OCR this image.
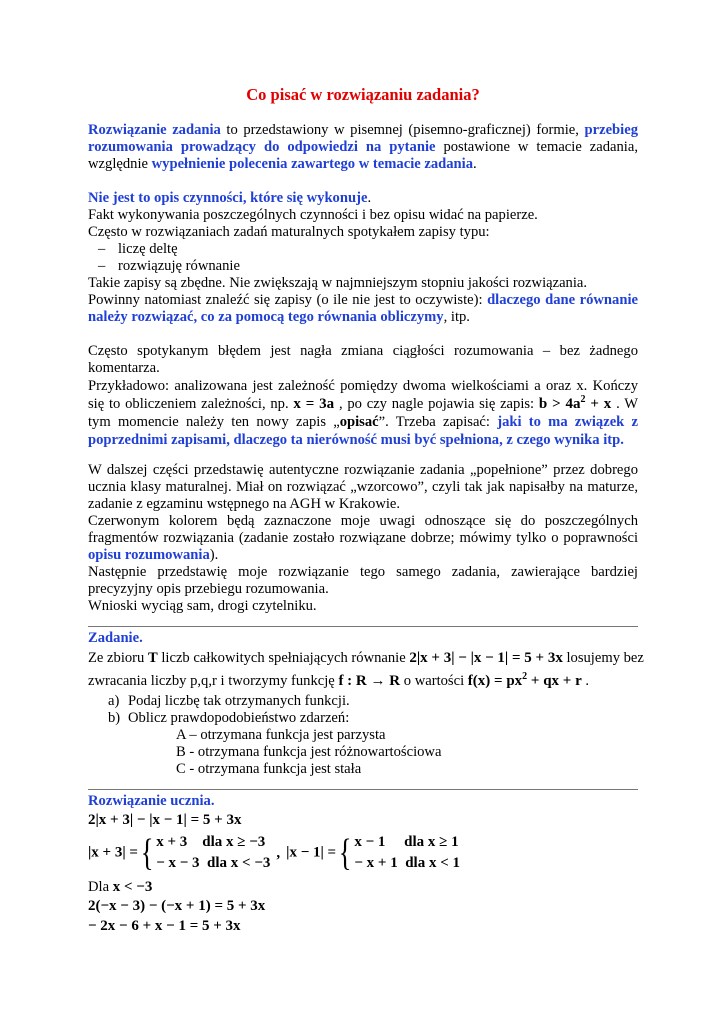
Co pisać w rozwiązaniu zadania?
Rozwiązanie zadania to przedstawiony w pisemnej (pisemno-graficznej) formie, przebieg rozumowania prowadzący do odpowiedzi na pytanie postawione w temacie zadania, względnie wypełnienie polecenia zawartego w temacie zadania.

Nie jest to opis czynności, które się wykonuje.

Fakt wykonywania poszczególnych czynności i bez opisu widać na papierze.

Często w rozwiązaniach zadań maturalnych spotykałem zapisy typu:

– liczę deltę

– rozwiązuję równanie

Takie zapisy są zbędne. Nie zwiększają w najmniejszym stopniu jakości rozwiązania.

Powinny natomiast znaleźć się zapisy (o ile nie jest to oczywiste): dlaczego dane równanie należy rozwiązać, co za pomocą tego równania obliczymy, itp.

Często spotykanym błędem jest nagła zmiana ciągłości rozumowania – bez żadnego komentarza.

Przykładowo: analizowana jest zależność pomiędzy dwoma wielkościami a oraz x. Kończy się to obliczeniem zależności, np. x = 3a , po czy nagle pojawia się zapis: $b > 4a^2 + x$ . W tym momencie należy ten nowy zapis „opisać”. Trzeba zapisać: jaki to ma związek z poprzednimi zapisami, dlaczego ta nierówność musi być spełniona, z czego wynika itp.

W dalszej części przedstawię autentyczne rozwiązanie zadania „popełnione” przez dobrego ucznia klasy maturalnej. Miał on rozwiązać „wzorcowo”, czyli tak jak napisałby na maturze, zadanie z egzaminu wstępnego na AGH w Krakowie.

Czerwonym kolorem będą zaznaczone moje uwagi odnoszące się do poszczególnych fragmentów rozwiązania (zadanie zostało rozwiązane dobrze; mówimy tylko o poprawności opisu rozumowania).

Następnie przedstawię moje rozwiązanie tego samego zadania, zawierające bardziej precyzyjny opis przebiegu rozumowania.

Wnioski wyciąg sam, drogi czytelniku.

Zadanie.

Ze zbioru T liczb całkowitych spełniających równanie 2|x + 3| − |x − 1| = 5 + 3x losujemy bez

zwracania liczby p,q,r i tworzymy funkcję f : R → R o wartości $f(x) = px^2$ + qx + r .

a) Podaj liczbę tak otrzymanych funkcji.

b) Oblicz prawdopodobieństwo zdarzeń:

A – otrzymana funkcja jest parzysta

B - otrzymana funkcja jest różnowartościowa

C - otrzymana funkcja jest stała

Rozwiązanie ucznia.

2|x + 3| − |x − 1| = 5 + 3x

|x + 3| ={ x + 3    dla x ≥ −3
− x − 3  dla x < −3
, |x − 1| ={ x − 1     dla x ≥ 1
− x + 1  dla x < 1

Dla x < −3

2(−x − 3) − (−x + 1) = 5 + 3x

− 2x − 6 + x − 1 = 5 + 3x
